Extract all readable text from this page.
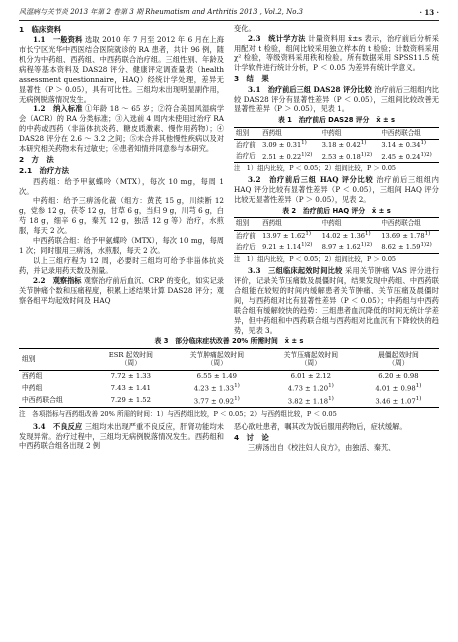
风湿病与关节炎 2013 年第 2 卷第 3 期 Rheumatism and Arthritis 2013 , Vol.2, No.3	· 13 ·
1　临床资料

1.1　一般资料 选取 2010 年 7 月至 2012 年 6 月在上海市长宁区光华中西医结合医院就诊的 RA 患者，共计 96 例，随机分为中药组、西药组、中西药联合治疗组。三组性别、年龄及病程等基本资料及 DAS28 评分、健康评定调查量表（health assessment questionnaire，HAQ）经统计学处理，差异无显著性（P ＞ 0.05），具有可比性。三组均未出现明显副作用，无病例脱落情况发生。

1.2　纳入标准 ①年龄 18 ～ 65 岁；②符合美国风湿病学会（ACR）的 RA 分类标准；③入选前 4 周内未使用过治疗 RA 的中药或西药（非甾体抗炎药、糖皮质激素、慢作用药物）；④ DAS28 评分在 2.6 ～ 3.2 之间；⑤未合并其他慢性疾病以及对本研究相关药物未有过敏史；⑥患者知情并同意参与本研究。

2　方　法
2.1　治疗方法

西药组：给予甲氨蝶呤（MTX），每次 10 mg，每周 1 次。

中药组：给予三痹汤化裁（组方：黄芪 15 g，川续断 12 g，党参 12 g，茯苓 12 g，甘草 6 g，当归 9 g，川芎 6 g，白芍 18 g，细辛 6 g，秦艽 12 g，独活 12 g 等）治疗，水煎服，每天 2 次。

中西药联合组：给予甲氨蝶呤（MTX），每次 10 mg，每周 1 次；同时服用三痹汤，水煎服，每天 2 次。

以上三组疗程为 12 周，必要时三组均可给予非甾体抗炎药，并记录用药天数及剂量。

2.2　观察指标 观察治疗前后血沉、CRP 的变化，如实记录关节肿痛个数和压痛程度，积累上述结果计算 DAS28 评分；观察各组平均起效时间及 HAQ

变化。

2.3　统计学方法 计量资料用 x̄±s 表示，治疗前后分析采用配对 t 检验，组间比较采用独立样本的 t 检验；计数资料采用 χ² 检验，等级资料采用秩和检验。所有数据采用 SPSS11.5 统计学软件进行统计分析，P ＜ 0.05 为差异有统计学意义。

3　结　果

3.1　治疗前后三组 DAS28 评分比较 治疗前后三组组内比较 DAS28 评分有显著性差异（P ＜ 0.05），三组间比较改善无显著性差异（P ＞ 0.05），见表 1。

表 1　治疗前后 DAS28 评分　x̄ ± s
组别	西药组	中药组	中西药联合组
治疗前	$3.09 \pm 0.31^{1)}$	$3.18 \pm 0.42^{1)}$	$3.14 \pm 0.34^{1)}$
治疗后	$2.51 \pm 0.22^{1)2)}$	$2.53 \pm 0.18^{1)2)}$	$2.45 \pm 0.24^{1)2)}$
注　1）组内比较，P ＜ 0.05；2）组间比较，P ＞ 0.05

3.2　治疗前后三组 HAQ 评分比较 治疗前后三组组内 HAQ 评分比较有显著性差异（P ＜ 0.05），三组间 HAQ 评分比较无显著性差异（P ＞ 0.05），见表 2。

表 2　治疗前后 HAQ 评分　x̄ ± s
组别	西药组	中药组	中西药联合组
治疗前	$13.97 \pm 1.62^{1)}$	$14.02 \pm 1.36^{1)}$	$13.69 \pm 1.78^{1)}$
治疗后	$9.21 \pm 1.14^{1)2)}$	$8.97 \pm 1.62^{1)2)}$	$8.62 \pm 1.59^{1)2)}$
注　1）组内比较，P ＜ 0.05；2）组间比较，P ＞ 0.05

3.3　三组临床起效时间比较 采用关节肿痛 VAS 评分进行评价，记录关节压痛数及晨僵时间，结果发现中药组、中西药联合组能在较短的时间内缓解患者关节肿痛、关节压痛及晨僵时间，与西药组对比有显著性差异（P ＜ 0.05）；中药组与中西药联合组有缓解较快的趋势：三组患者血沉降低的时间无统计学差异，但中药组和中西药联合组与西药组对比血沉有下降较快的趋势，见表 3。

表 3　部分临床症状改善 20% 所需时间　x̄ ± s
组别	ESR 起效时间
（周）	关节肿痛起效时间
（周）	关节压痛起效时间
（周）	晨僵起效时间
（周）
西药组	7.72 ± 1.33	6.55 ± 1.49	6.01 ± 2.12	6.20 ± 0.98
中药组	7.43 ± 1.41	$4.23 \pm 1.33^{1)}$	$4.73 \pm 1.20^{1)}$	$4.01 \pm 0.98^{1)}$
中西药联合组	7.29 ± 1.52	$3.77 \pm 0.92^{1)}$	$3.82 \pm 1.18^{1)}$	$3.46 \pm 1.07^{1)}$
注　各项指标与西药组改善 20% 所需的时间：1）与西药组比较，P ＜ 0.05；2）与西药组比较，P ＜ 0.05

3.4　不良反应 三组均未出现严重不良反应，肝肾功能均未发现异常。治疗过程中，三组均无病例脱落情况发生。西药组和中西药联合组各出现 2 例

恶心欲吐患者，嘱其改为饭后服用药物后，症状缓解。

4　讨　论

三痹汤出自《校注妇人良方》，由独活、秦艽、
